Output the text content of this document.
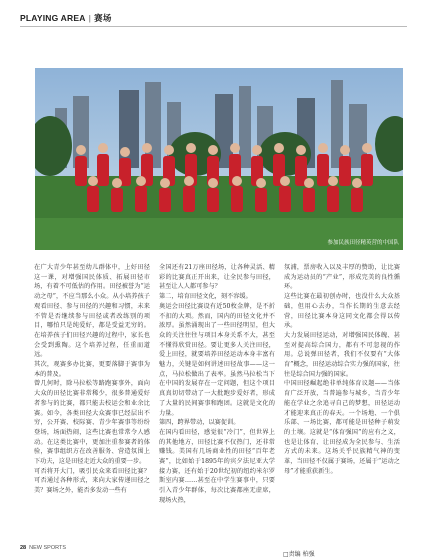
PLAYING AREA | 赛场
参加民族田径精英营的中国队
在广大青少年甚至幼儿群体中，上好田径这一课，对增强国民体质、拓展田径市场，有着不可低估的作用。田径被誉为“运动之母”，不应当那么小众。从小培养孩子观看田径、参与田径的兴趣和习惯，未来不管是否继续参与田径或者改练别的项目，哪怕只是纯爱好，都是受益无穷的。在培养孩子们田径兴趣的过程中，家长也会受到熏陶。这个培养过程，任重而道远。
其次，观赛多办比赛，更要落脚于赛事为本的普及。
曾几何时，除马拉松等路跑赛事外，面向大众的田径比赛非常稀少，很多普通爱好者参与的比赛，都只能去校运会和业余比赛。如今，各类田径大众赛事已经层出不穷，公开赛、校际赛、青少年赛事等纷纷登场，场面热闹，这些比赛也常常令人感动。在这类比赛中，更加注重参赛者的体验，赛事组织方在改善服务、营造氛围上下功夫，这是田径走近大众的重要一步。
可否将开大门，吸引民众来看田径比赛？可否通过各种形式，来向大家传递田径之美？赛场之外，能否多发动一些有
全国还有21万座田径场，让各种灵活、精彩的比赛真正开出来，让全民参与田径，甚至让人人都可参与？
第二，培育田径文化，刻不容缓。
奥运会田径比赛设有近50枚金牌，是不折不扣的大项。然而，国内的田径文化并不浓厚。虽然涌现出了一些田径明星，但大众的关注往往与项目本身关系不大，甚至不懂得欣赏田径。要让更多人关注田径，爱上田径，就要培养田径运动本身丰富有魅力，关键是如何讲述田径故事——这一点，马拉松做出了表率。虽然马拉松当下在中国的发展存在一定问题，但这个项目真真切切带动了一大批跑步爱好者，形成了大量的民间赛事和跑团。这就是文化的力量。
第四，跨界带动，以赛促训。
在国内看田径，感觉很“冷门”，但世界上的其他地方，田径比赛不仅热门，还非常赚钱。美国有几场商业性的田径“百年老赛”，比如始于1895年的宾夕法尼亚大学接力赛，还有始于20世纪初的纽约米尔罗斯室内赛……甚至在中学生赛事中，只要引入青少年群体，每次比赛都座无虚席，现场火热，
氛浦，票房收入以及丰厚的赞助，让比赛成为运动员的“产业”，形成完美的良性循环。
这些比赛在最初创办时，也没什么大众基础，但用心去办，当作长期的生意去经营，田径比赛本身这同文化都会得以传承。
大力发展田径运动，对增强国民体魄、甚至对提高综合国力，都有不可忽视的作用。总说弹田径者，我们不仅要有“大体育”概念，田径运动综合实力强的国家，往往是综合国力强的国家。
中国田径崛起绝非单纯体育议题——当体育广泛开放，当普遍参与城乡，当青少年能在学业之余追寻自己的梦想，田径运动才能迎来真正的春天。一个场地、一个俱乐部、一场比赛，都可能是田径种子萌发的土壤。这就是“体育强国”的应有之义，也是让体育、让田径成为全民参与、生活方式的未来。这场关乎民族精气神的变革，当田径不仅属于赛场，还属于“运动之母”才能重获新生。
□责编 柏强
28 NEW SPORTS
